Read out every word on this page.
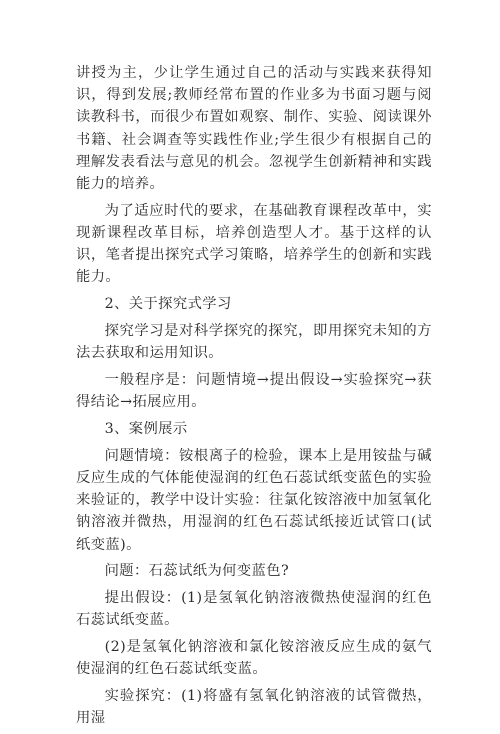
讲授为主，少让学生通过自己的活动与实践来获得知识，得到发展;教师经常布置的作业多为书面习题与阅读教科书，而很少布置如观察、制作、实验、阅读课外书籍、社会调查等实践性作业;学生很少有根据自己的理解发表看法与意见的机会。忽视学生创新精神和实践能力的培养。

为了适应时代的要求，在基础教育课程改革中，实现新课程改革目标，培养创造型人才。基于这样的认识，笔者提出探究式学习策略，培养学生的创新和实践能力。

2、关于探究式学习

探究学习是对科学探究的探究，即用探究未知的方法去获取和运用知识。

一般程序是：问题情境→提出假设→实验探究→获得结论→拓展应用。

3、案例展示

问题情境：铵根离子的检验，课本上是用铵盐与碱反应生成的气体能使湿润的红色石蕊试纸变蓝色的实验来验证的，教学中设计实验：往氯化铵溶液中加氢氧化钠溶液并微热，用湿润的红色石蕊试纸接近试管口(试纸变蓝)。

问题：石蕊试纸为何变蓝色?

提出假设：(1)是氢氧化钠溶液微热使湿润的红色石蕊试纸变蓝。

(2)是氢氧化钠溶液和氯化铵溶液反应生成的氨气使湿润的红色石蕊试纸变蓝。

实验探究：(1)将盛有氢氧化钠溶液的试管微热，用湿
